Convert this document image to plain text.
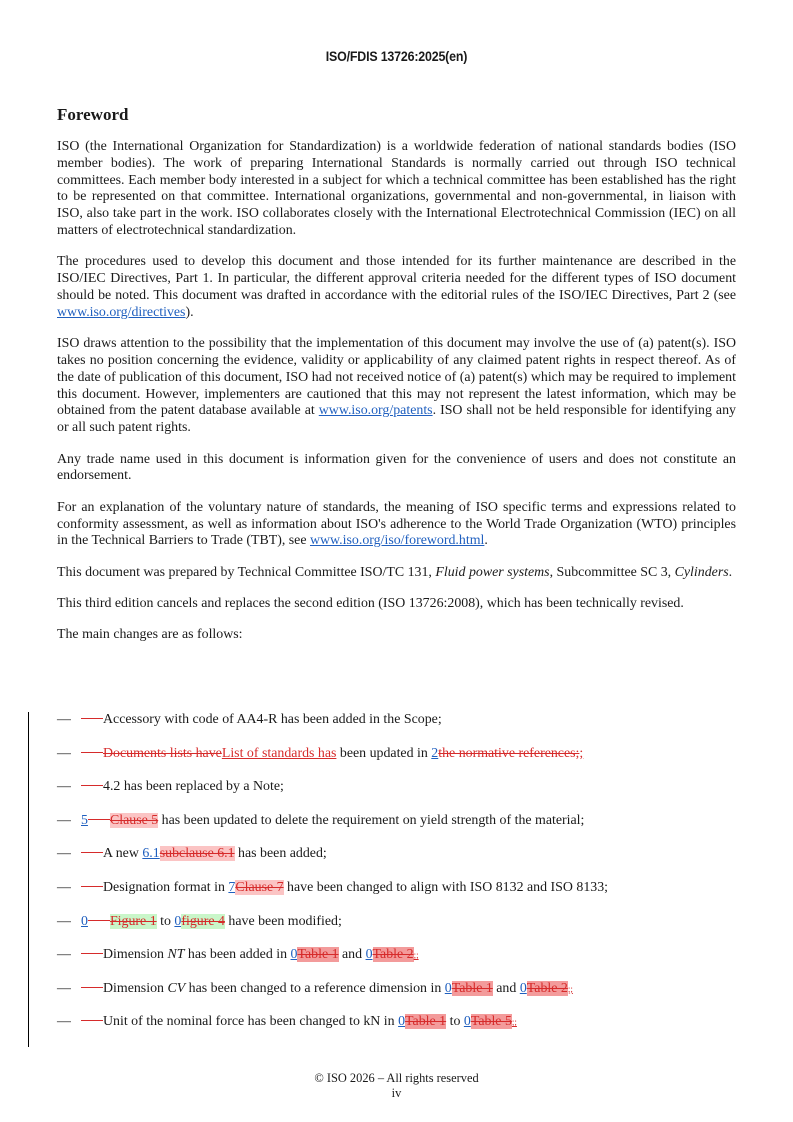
ISO/FDIS 13726:2025(en)
Foreword

ISO (the International Organization for Standardization) is a worldwide federation of national standards bodies (ISO member bodies). The work of preparing International Standards is normally carried out through ISO technical committees. Each member body interested in a subject for which a technical committee has been established has the right to be represented on that committee. International organizations, governmental and non-governmental, in liaison with ISO, also take part in the work. ISO collaborates closely with the International Electrotechnical Commission (IEC) on all matters of electrotechnical standardization.

The procedures used to develop this document and those intended for its further maintenance are described in the ISO/IEC Directives, Part 1. In particular, the different approval criteria needed for the different types of ISO document should be noted. This document was drafted in accordance with the editorial rules of the ISO/IEC Directives, Part 2 (see www.iso.org/directives).

ISO draws attention to the possibility that the implementation of this document may involve the use of (a) patent(s). ISO takes no position concerning the evidence, validity or applicability of any claimed patent rights in respect thereof. As of the date of publication of this document, ISO had not received notice of (a) patent(s) which may be required to implement this document. However, implementers are cautioned that this may not represent the latest information, which may be obtained from the patent database available at www.iso.org/patents. ISO shall not be held responsible for identifying any or all such patent rights.

Any trade name used in this document is information given for the convenience of users and does not constitute an endorsement.

For an explanation of the voluntary nature of standards, the meaning of ISO specific terms and expressions related to conformity assessment, as well as information about ISO's adherence to the World Trade Organization (WTO) principles in the Technical Barriers to Trade (TBT), see www.iso.org/iso/foreword.html.

This document was prepared by Technical Committee ISO/TC 131, Fluid power systems, Subcommittee SC 3, Cylinders.

This third edition cancels and replaces the second edition (ISO 13726:2008), which has been technically revised.

The main changes are as follows:

— Accessory with code of AA4-R has been added in the Scope;
— Documents lists haveList of standards has been updated in 2the normative references;;
— 4.2 has been replaced by a Note;
— 5 Clause 5 has been updated to delete the requirement on yield strength of the material;
— A new 6.1subclause 6.1 has been added;
— Designation format in 7Clause 7 have been changed to align with ISO 8132 and ISO 8133;
— 0 Figure 1 to 0figure 4 have been modified;
— Dimension NT has been added in 0Table 1 and 0Table 2;;
— Dimension CV has been changed to a reference dimension in 0Table 1 and 0Table 2;;
— Unit of the nominal force has been changed to kN in 0Table 1 to 0Table 5;;
© ISO 2026 – All rights reserved
iv
